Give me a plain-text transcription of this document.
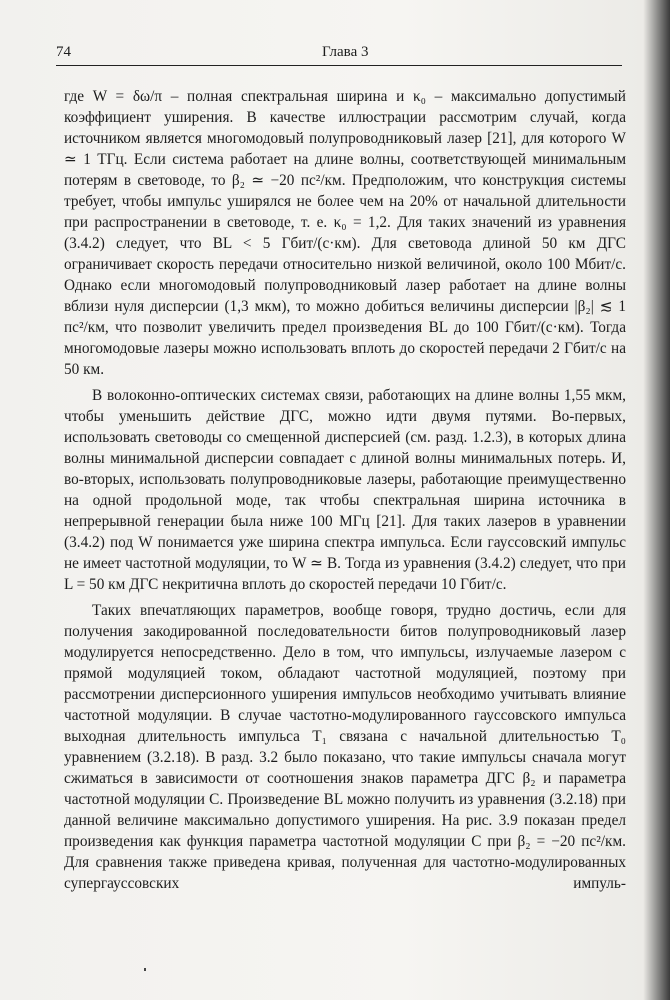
74	Глава 3

где W = δω/π – полная спектральная ширина и κ₀ – максимально допустимый коэффициент уширения. В качестве иллюстрации рассмотрим случай, когда источником является многомодовый полупроводниковый лазер [21], для которого W ≃ 1 ТГц. Если система работает на длине волны, соответствующей минимальным потерям в световоде, то β₂ ≃ −20 пс²/км. Предположим, что конструкция системы требует, чтобы импульс уширялся не более чем на 20% от начальной длительности при распространении в световоде, т. е. κ₀ = 1,2. Для таких значений из уравнения (3.4.2) следует, что BL < 5 Гбит/(с·км). Для световода длиной 50 км ДГС ограничивает скорость передачи относительно низкой величиной, около 100 Мбит/с. Однако если многомодовый полупроводниковый лазер работает на длине волны вблизи нуля дисперсии (1,3 мкм), то можно добиться величины дисперсии |β₂| ≲ 1 пс²/км, что позволит увеличить предел произведения BL до 100 Гбит/(с·км). Тогда многомодовые лазеры можно использовать вплоть до скоростей передачи 2 Гбит/с на 50 км.

В волоконно-оптических системах связи, работающих на длине волны 1,55 мкм, чтобы уменьшить действие ДГС, можно идти двумя путями. Во-первых, использовать световоды со смещенной дисперсией (см. разд. 1.2.3), в которых длина волны минимальной дисперсии совпадает с длиной волны минимальных потерь. И, во-вторых, использовать полупроводниковые лазеры, работающие преимущественно на одной продольной моде, так чтобы спектральная ширина источника в непрерывной генерации была ниже 100 МГц [21]. Для таких лазеров в уравнении (3.4.2) под W понимается уже ширина спектра импульса. Если гауссовский импульс не имеет частотной модуляции, то W ≃ B. Тогда из уравнения (3.4.2) следует, что при L = 50 км ДГС некритична вплоть до скоростей передачи 10 Гбит/с.

Таких впечатляющих параметров, вообще говоря, трудно достичь, если для получения закодированной последовательности битов полупроводниковый лазер модулируется непосредственно. Дело в том, что импульсы, излучаемые лазером с прямой модуляцией током, обладают частотной модуляцией, поэтому при рассмотрении дисперсионного уширения импульсов необходимо учитывать влияние частотной модуляции. В случае частотно-модулированного гауссовского импульса выходная длительность импульса T₁ связана с начальной длительностью T₀ уравнением (3.2.18). В разд. 3.2 было показано, что такие импульсы сначала могут сжиматься в зависимости от соотношения знаков параметра ДГС β₂ и параметра частотной модуляции C. Произведение BL можно получить из уравнения (3.2.18) при данной величине максимально допустимого уширения. На рис. 3.9 показан предел произведения как функция параметра частотной модуляции C при β₂ = −20 пс²/км. Для сравнения также приведена кривая, полученная для частотно-модулированных супергауссовских импуль-
